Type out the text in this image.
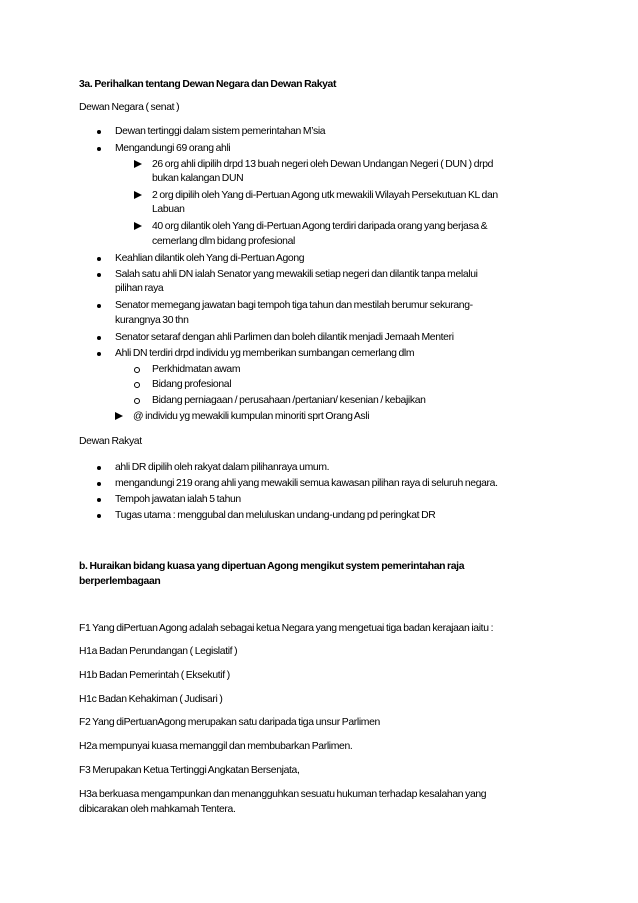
3a. Perihalkan tentang Dewan Negara dan Dewan Rakyat
Dewan Negara ( senat )
Dewan tertinggi dalam sistem pemerintahan M’sia
Mengandungi 69 orang ahli
26 org ahli dipilih drpd 13 buah negeri oleh Dewan Undangan Negeri ( DUN ) drpd
bukan kalangan DUN
2 org dipilih oleh Yang di-Pertuan Agong utk mewakili Wilayah Persekutuan KL dan
Labuan
40 org dilantik oleh Yang di-Pertuan Agong terdiri daripada orang yang berjasa &
cemerlang dlm bidang profesional
Keahlian dilantik oleh Yang di-Pertuan Agong
Salah satu ahli DN ialah Senator yang mewakili setiap negeri dan dilantik tanpa melalui
pilihan raya
Senator memegang jawatan bagi tempoh tiga tahun dan mestilah berumur sekurang-
kurangnya 30 thn
Senator setaraf dengan ahli Parlimen dan boleh dilantik menjadi Jemaah Menteri
Ahli DN terdiri drpd individu yg memberikan sumbangan cemerlang dlm
Perkhidmatan awam
Bidang profesional
Bidang perniagaan / perusahaan /pertanian/ kesenian / kebajikan
@ individu yg mewakili kumpulan minoriti sprt Orang Asli
Dewan Rakyat
ahli DR dipilih oleh rakyat dalam pilihanraya umum.
mengandungi 219 orang ahli yang mewakili semua kawasan pilihan raya di seluruh negara.
Tempoh jawatan ialah 5 tahun
Tugas utama : menggubal dan meluluskan undang-undang pd peringkat DR
b. Huraikan bidang kuasa yang dipertuan Agong mengikut system pemerintahan raja
berperlembagaan
F1 Yang diPertuan Agong adalah sebagai ketua Negara yang mengetuai tiga badan kerajaan iaitu :
H1a Badan Perundangan ( Legislatif )
H1b Badan Pemerintah ( Eksekutif )
H1c Badan Kehakiman ( Judisari )
F2 Yang diPertuanAgong merupakan satu daripada tiga unsur Parlimen
H2a mempunyai kuasa memanggil dan membubarkan Parlimen.
F3 Merupakan Ketua Tertinggi Angkatan Bersenjata,
H3a berkuasa mengampunkan dan menangguhkan sesuatu hukuman terhadap kesalahan yang
dibicarakan oleh mahkamah Tentera.
